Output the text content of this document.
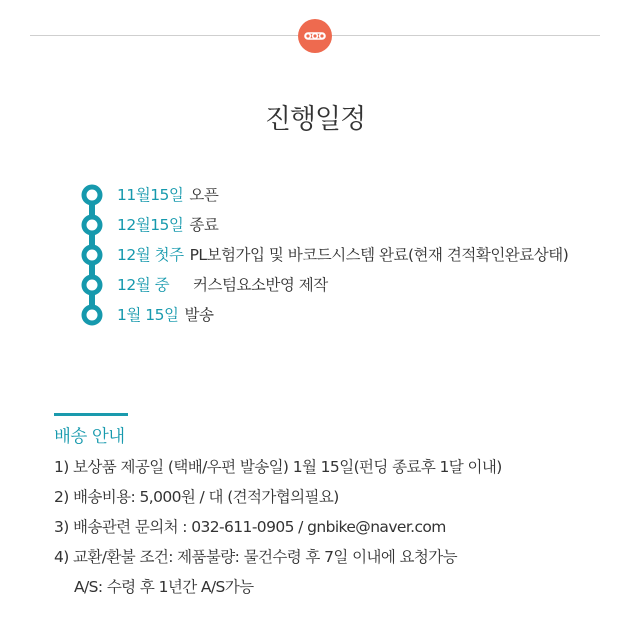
진행일정
11월15일 오픈
12월15일 종료
12월 첫주 PL보험가입 및 바코드시스템 완료(현재 견적확인완료상태)
12월 중 커스텀요소반영 제작
1월 15일 발송
배송 안내
1) 보상품 제공일 (택배/우편 발송일) 1월 15일(펀딩 종료후 1달 이내)
2) 배송비용: 5,000원 / 대 (견적가협의필요)
3) 배송관련 문의처 : 032-611-0905 / gnbike@naver.com
4) 교환/환불 조건: 제품불량: 물건수령 후 7일 이내에 요청가능
A/S: 수령 후 1년간 A/S가능
